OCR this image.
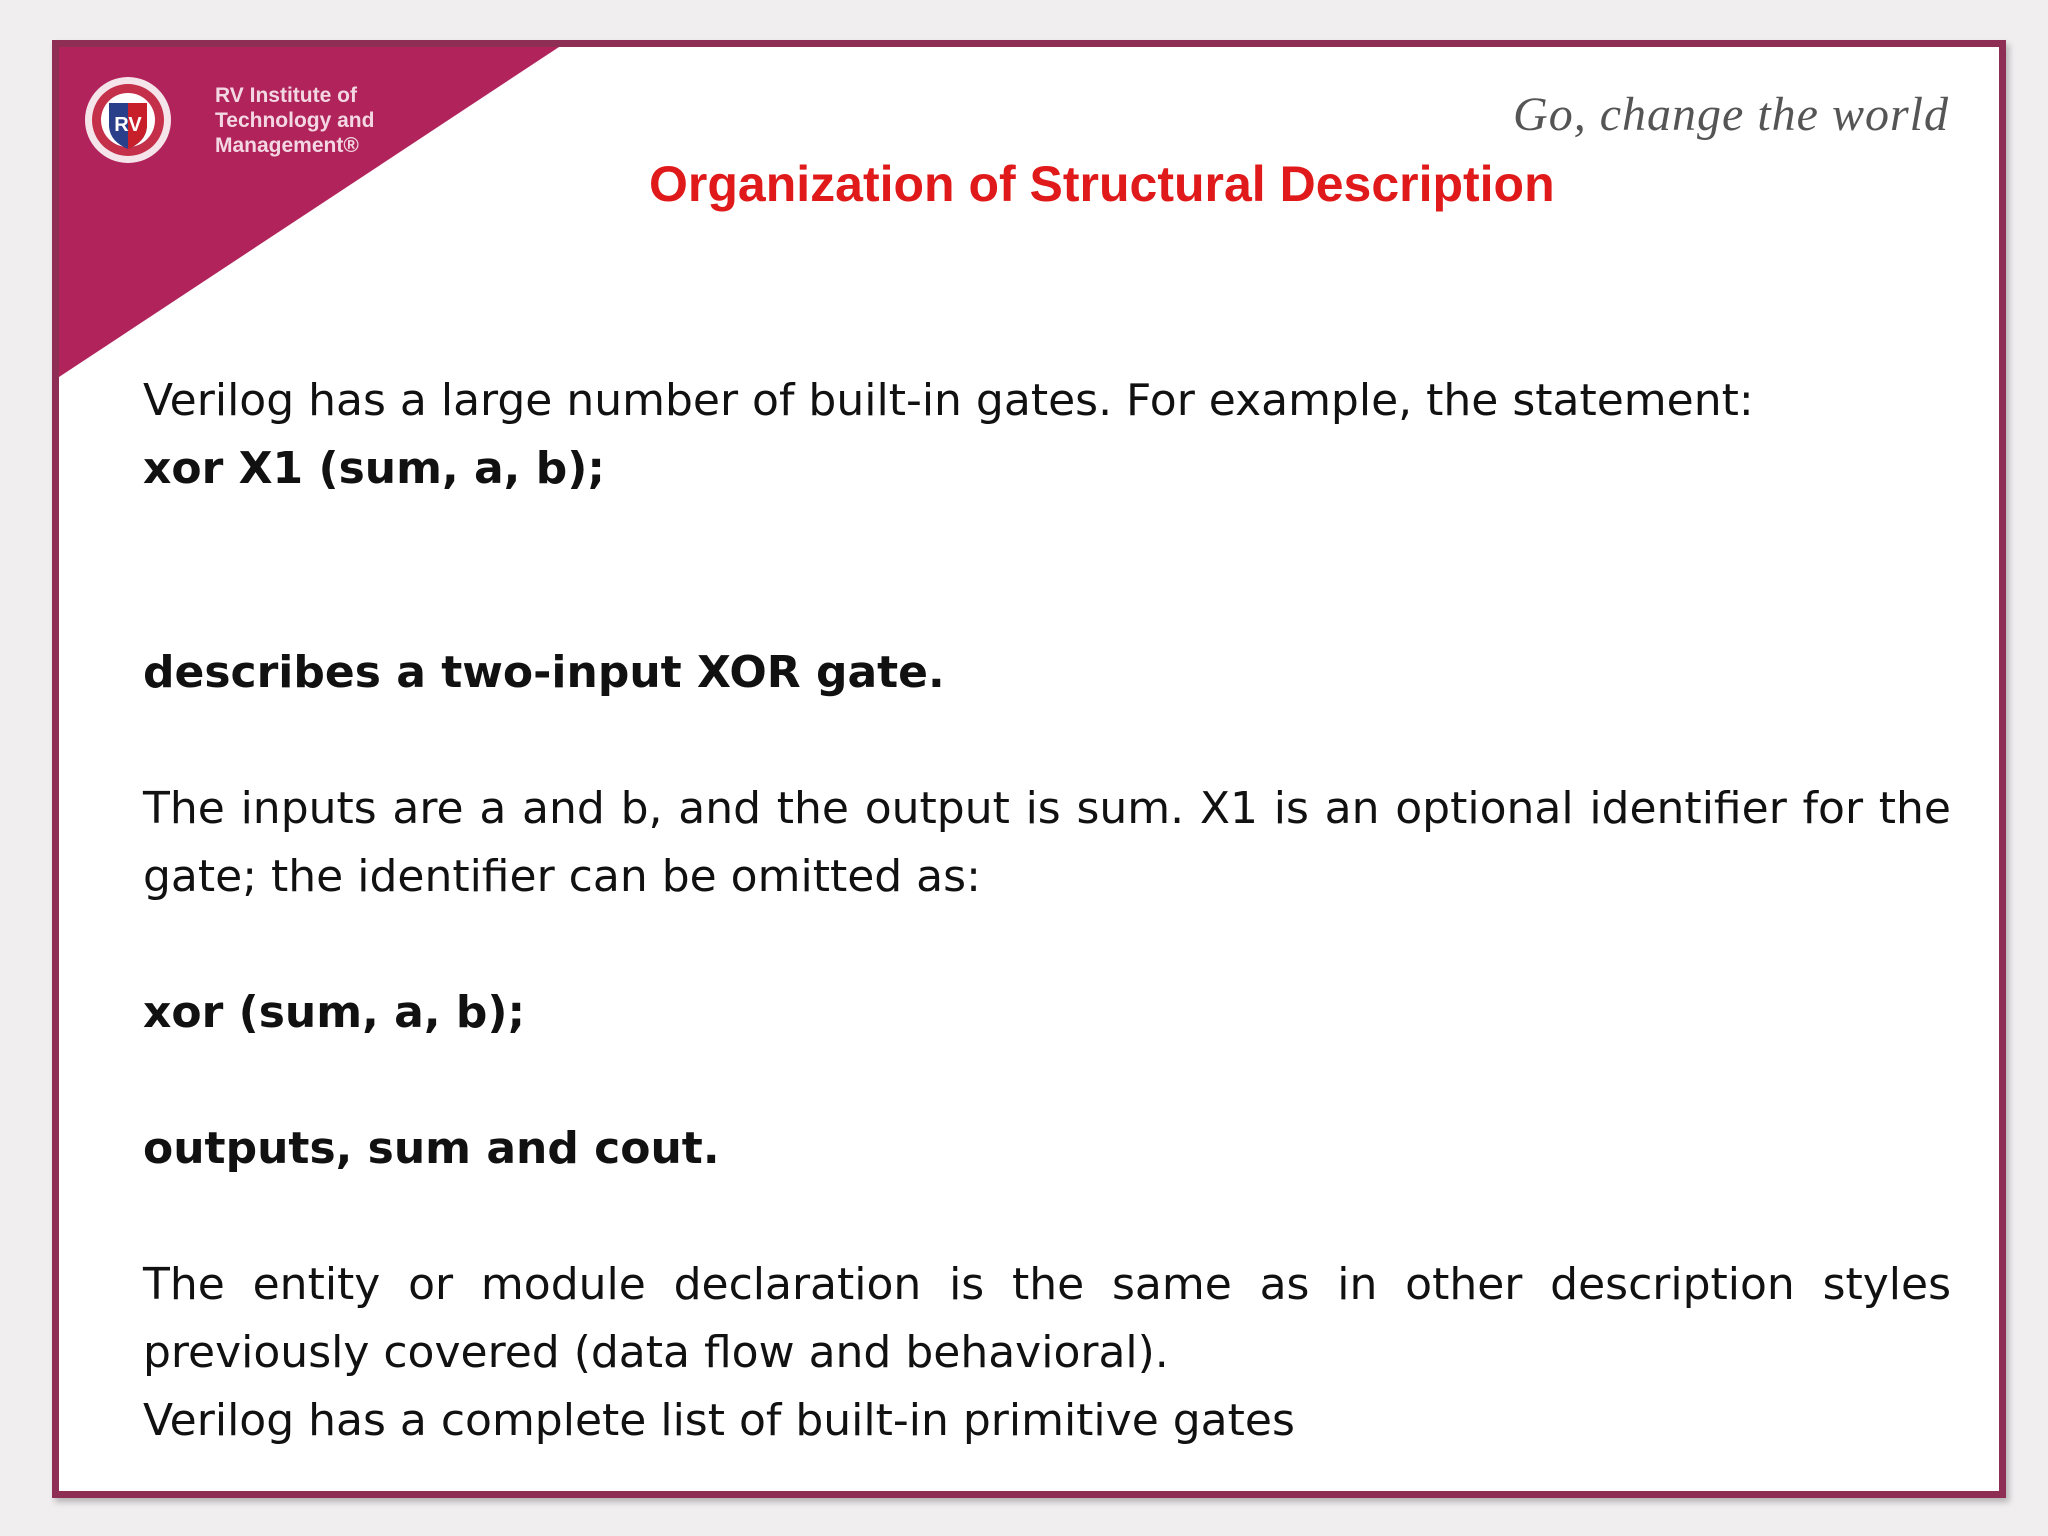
RV
RV Institute of
Technology and
Management®
Go, change the world
Organization of Structural Description

Verilog has a large number of built-in gates. For example, the statement:

xor X1 (sum, a, b);

describes a two-input XOR gate.

The inputs are a and b, and the output is sum. X1 is an optional identifier for the gate; the identifier can be omitted as:

xor (sum, a, b);

outputs, sum and cout.

The entity or module declaration is the same as in other description styles previously covered (data flow and behavioral).

Verilog has a complete list of built-in primitive gates
